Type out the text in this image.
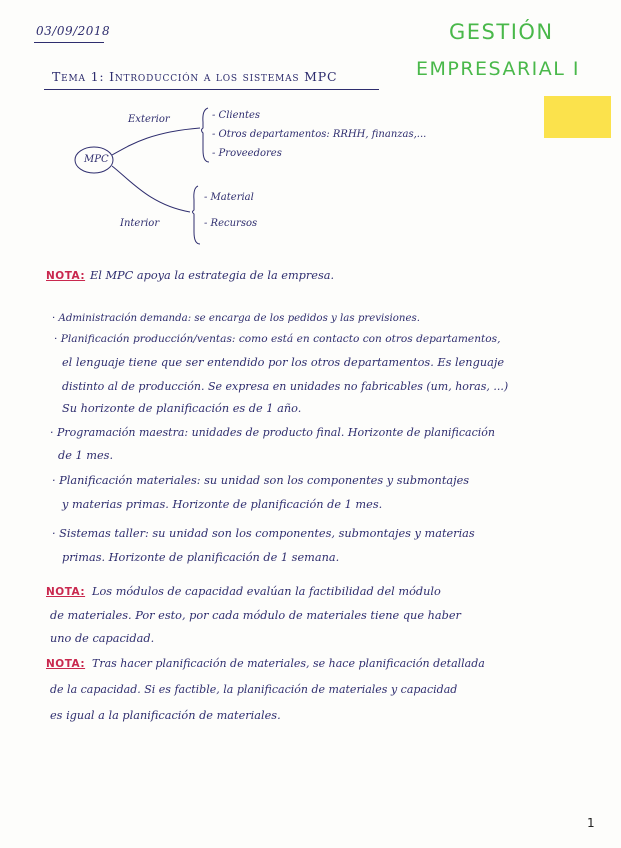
03/09/2018	GESTIÓN
EMPRESARIAL I
Tema 1: Introducción a los sistemas MPC
MPC
Exterior
Interior
- Clientes
- Otros departamentos: RRHH, finanzas,...
- Proveedores
- Material
- Recursos
NOTA: El MPC apoya la estrategia de la empresa.
· Administración demanda: se encarga de los pedidos y las previsiones.
· Planificación producción/ventas: como está en contacto con otros departamentos,
el lenguaje tiene que ser entendido por los otros departamentos. Es lenguaje
distinto al de producción. Se expresa en unidades no fabricables (um, horas, ...)
Su horizonte de planificación es de 1 año.
· Programación maestra: unidades de producto final. Horizonte de planificación
de 1 mes.
· Planificación materiales: su unidad son los componentes y submontajes
y materias primas. Horizonte de planificación de 1 mes.
· Sistemas taller: su unidad son los componentes, submontajes y materias
primas. Horizonte de planificación de 1 semana.
NOTA: Los módulos de capacidad evalúan la factibilidad del módulo
de materiales. Por esto, por cada módulo de materiales tiene que haber
uno de capacidad.
NOTA: Tras hacer planificación de materiales, se hace planificación detallada
de la capacidad. Si es factible, la planificación de materiales y capacidad
es igual a la planificación de materiales.
1
